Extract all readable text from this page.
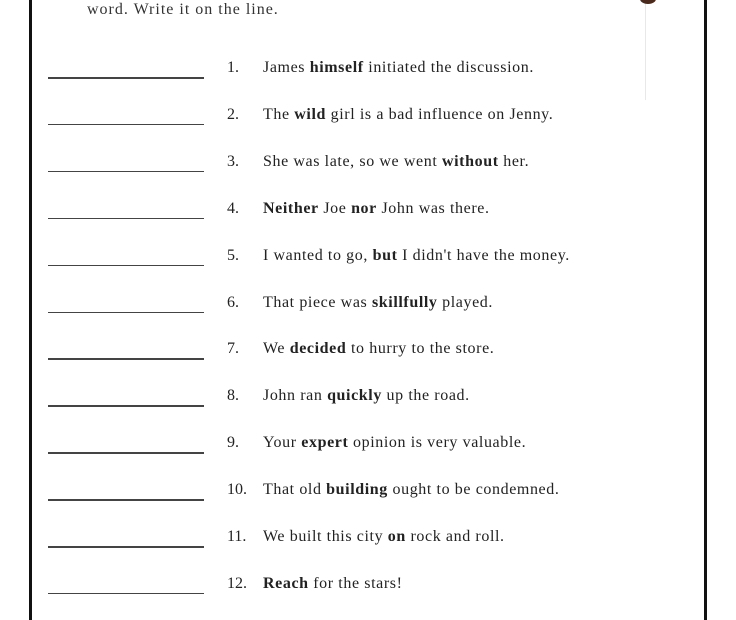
word. Write it on the line.
1. James himself initiated the discussion.
2. The wild girl is a bad influence on Jenny.
3. She was late, so we went without her.
4. Neither Joe nor John was there.
5. I wanted to go, but I didn't have the money.
6. That piece was skillfully played.
7. We decided to hurry to the store.
8. John ran quickly up the road.
9. Your expert opinion is very valuable.
10. That old building ought to be condemned.
11. We built this city on rock and roll.
12. Reach for the stars!
